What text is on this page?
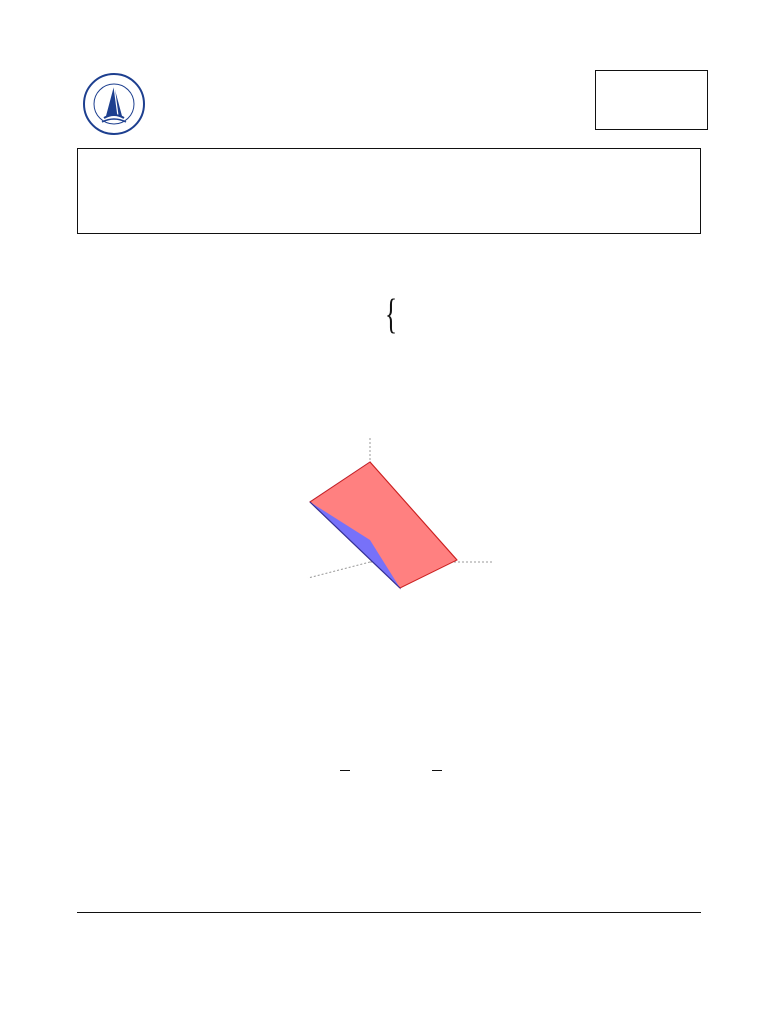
{
